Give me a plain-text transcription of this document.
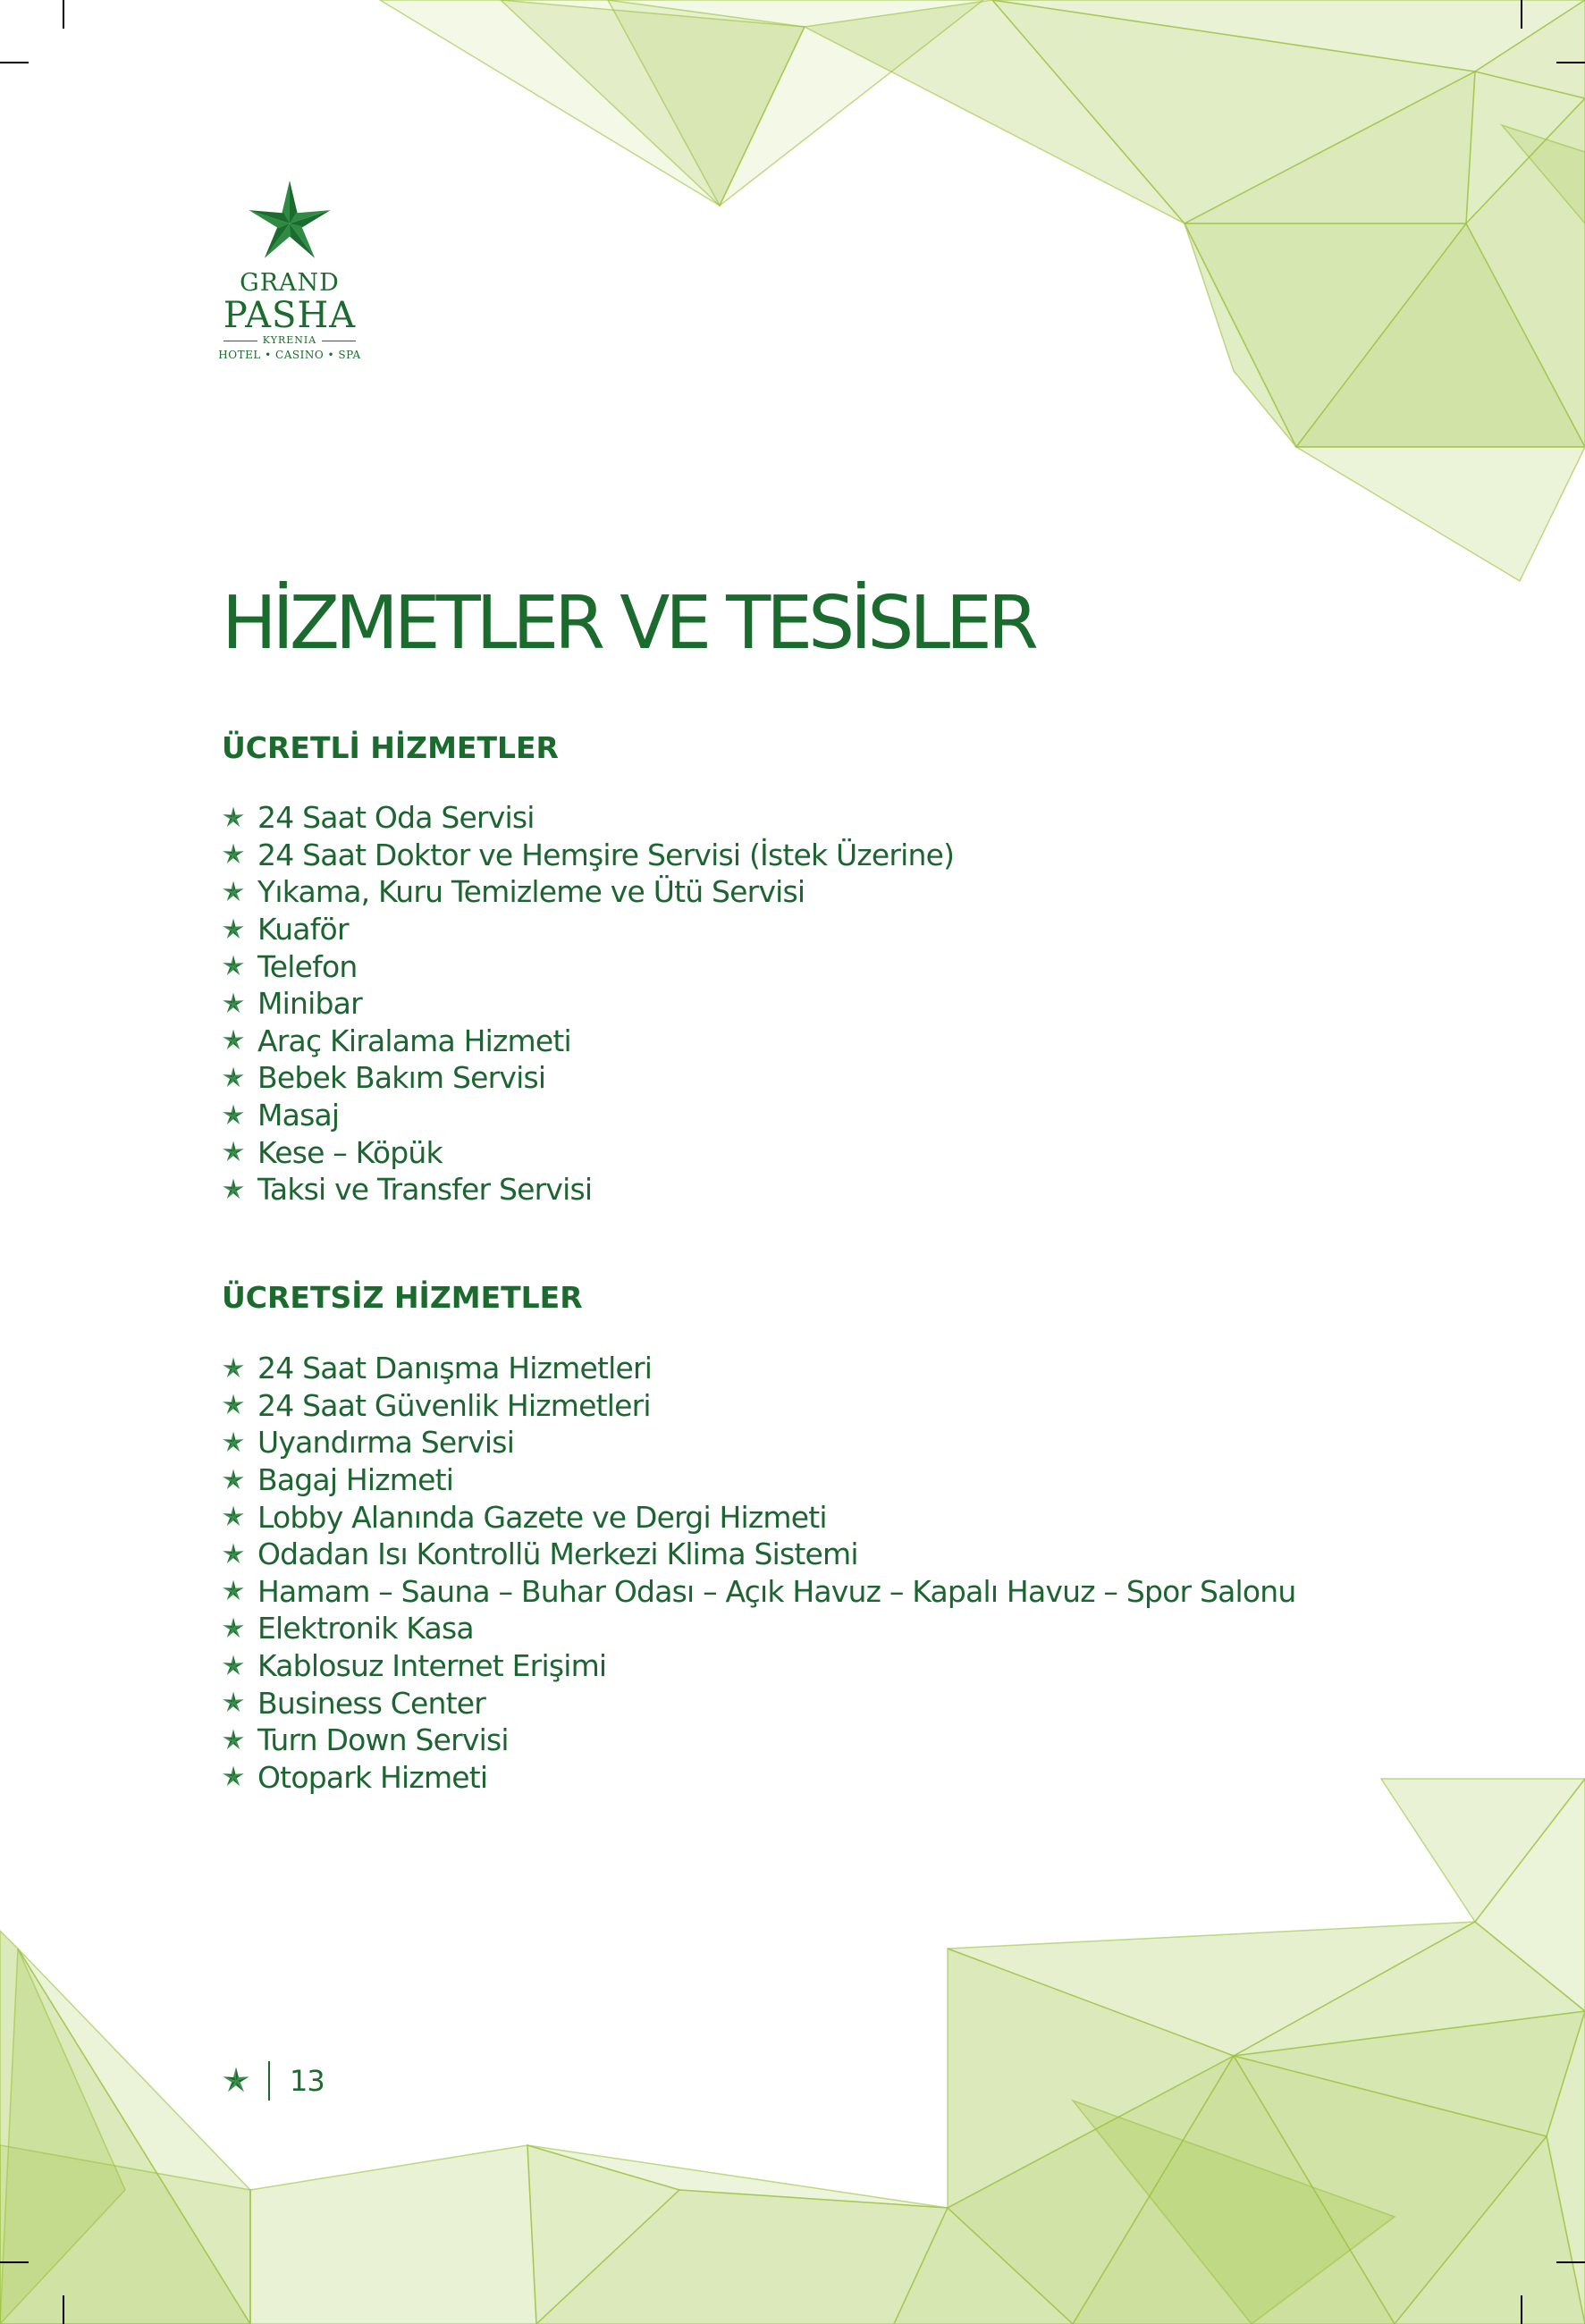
GRAND
PASHA
KYRENIA
HOTEL • CASINO • SPA
HİZMETLER VE TESİSLER
ÜCRETLİ HİZMETLER
24 Saat Oda Servisi
24 Saat Doktor ve Hemşire Servisi (İstek Üzerine)
Yıkama, Kuru Temizleme ve Ütü Servisi
Kuaför
Telefon
Minibar
Araç Kiralama Hizmeti
Bebek Bakım Servisi
Masaj
Kese – Köpük
Taksi ve Transfer Servisi
ÜCRETSİZ HİZMETLER
24 Saat Danışma Hizmetleri
24 Saat Güvenlik Hizmetleri
Uyandırma Servisi
Bagaj Hizmeti
Lobby Alanında Gazete ve Dergi Hizmeti
Odadan Isı Kontrollü Merkezi Klima Sistemi
Hamam – Sauna – Buhar Odası – Açık Havuz – Kapalı Havuz – Spor Salonu
Elektronik Kasa
Kablosuz Internet Erişimi
Business Center
Turn Down Servisi
Otopark Hizmeti
13
